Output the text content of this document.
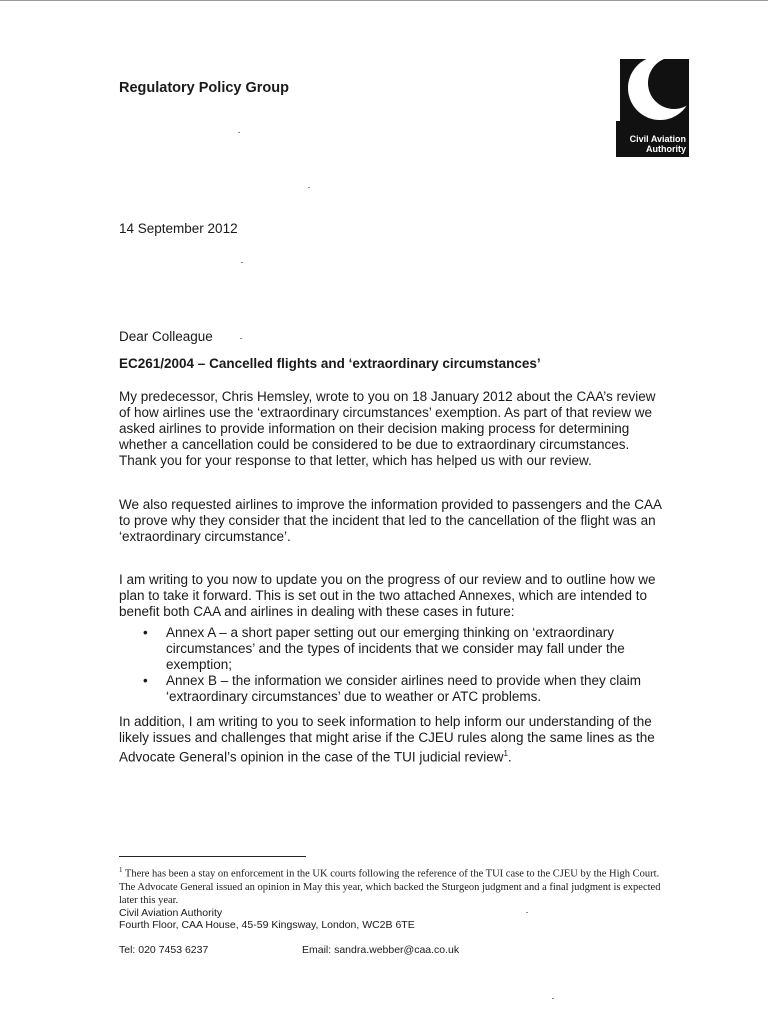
Regulatory Policy Group
Civil Aviation
Authority
14 September 2012
Dear Colleague
EC261/2004 – Cancelled flights and ‘extraordinary circumstances’

My predecessor, Chris Hemsley, wrote to you on 18 January 2012 about the CAA’s review of how airlines use the ‘extraordinary circumstances’ exemption. As part of that review we asked airlines to provide information on their decision making process for determining whether a cancellation could be considered to be due to extraordinary circumstances. Thank you for your response to that letter, which has helped us with our review.

We also requested airlines to improve the information provided to passengers and the CAA to prove why they consider that the incident that led to the cancellation of the flight was an ‘extraordinary circumstance’.

I am writing to you now to update you on the progress of our review and to outline how we plan to take it forward. This is set out in the two attached Annexes, which are intended to benefit both CAA and airlines in dealing with these cases in future:

• Annex A – a short paper setting out our emerging thinking on ‘extraordinary circumstances’ and the types of incidents that we consider may fall under the exemption;
• Annex B – the information we consider airlines need to provide when they claim ‘extraordinary circumstances’ due to weather or ATC problems.

In addition, I am writing to you to seek information to help inform our understanding of the likely issues and challenges that might arise if the CJEU rules along the same lines as the Advocate General’s opinion in the case of the TUI judicial review$^1$.

$^1$ There has been a stay on enforcement in the UK courts following the reference of the TUI case to the CJEU by the High Court. The Advocate General issued an opinion in May this year, which backed the Sturgeon judgment and a final judgment is expected later this year.
Civil Aviation Authority
Fourth Floor, CAA House, 45-59 Kingsway, London, WC2B 6TE
Tel: 020 7453 6237	Email: sandra.webber@caa.co.uk
